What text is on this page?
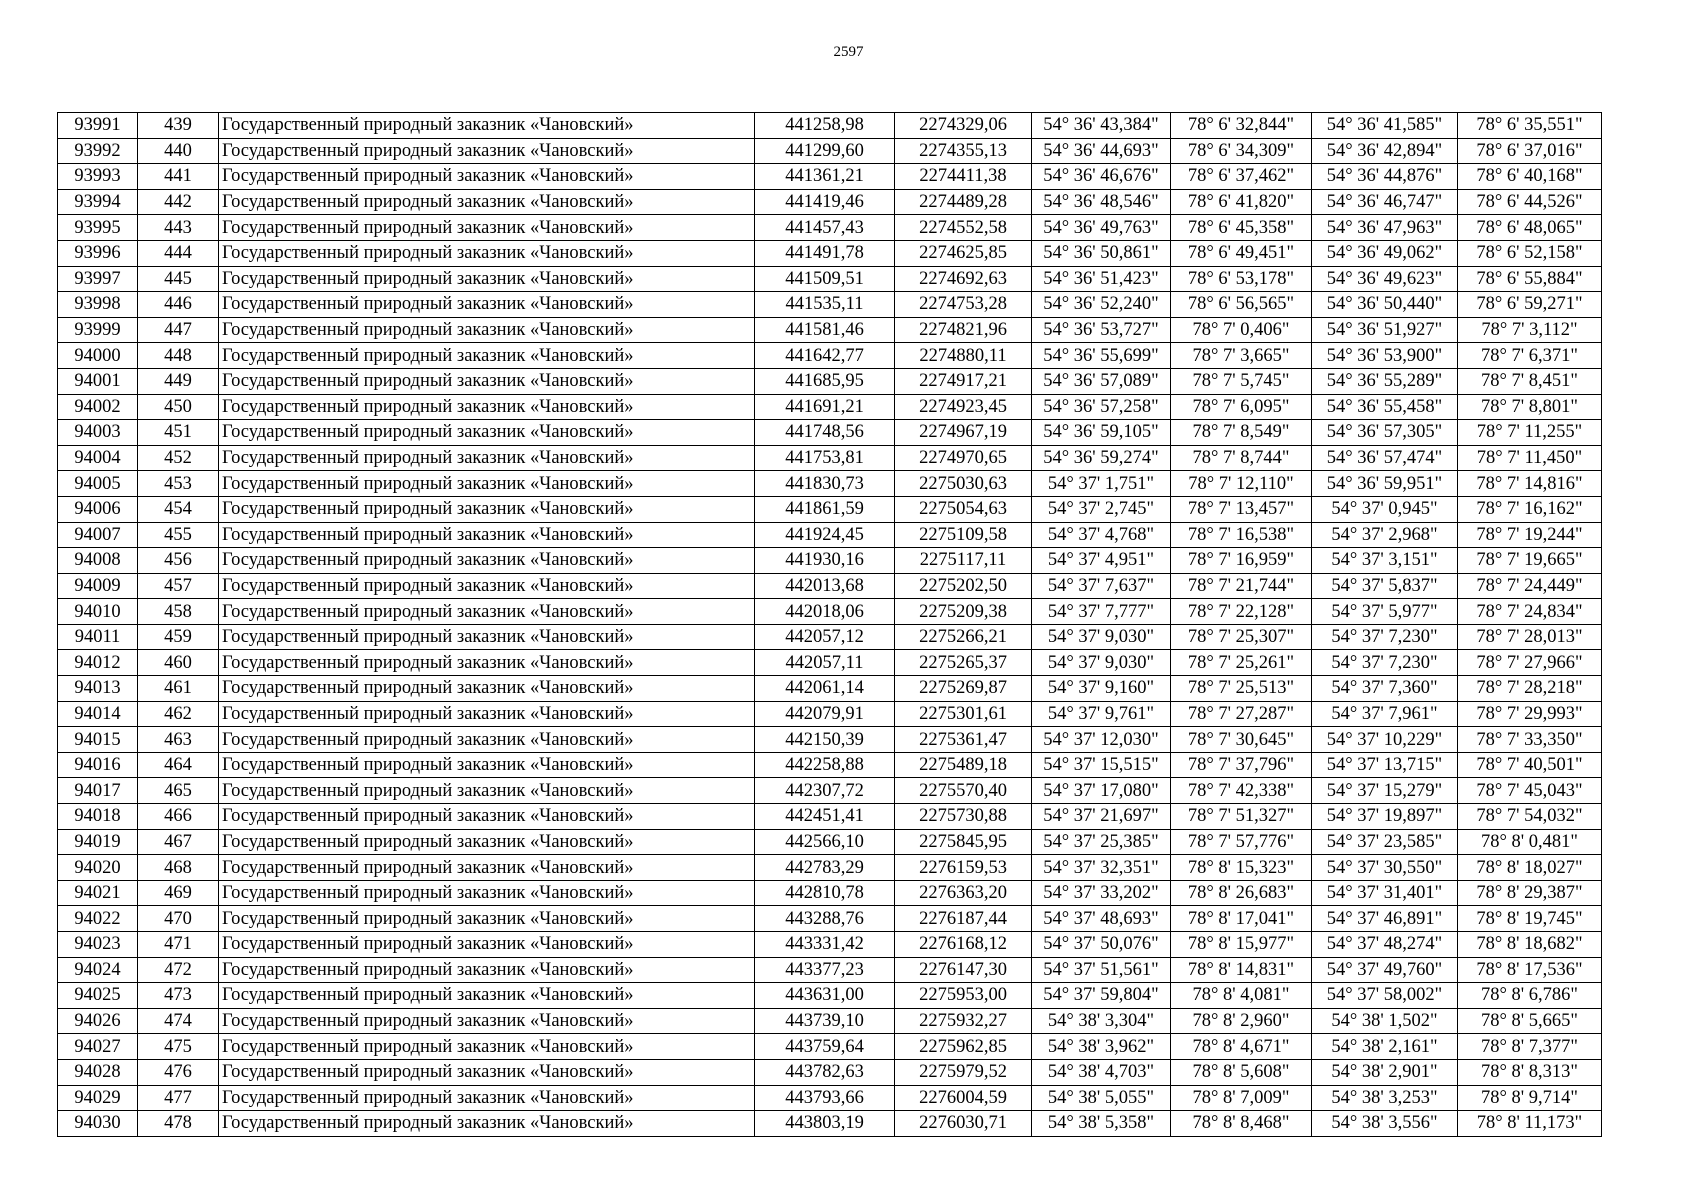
2597
93991	439	Государственный природный заказник «Чановский»	441258,98	2274329,06	54° 36' 43,384"	78° 6' 32,844"	54° 36' 41,585"	78° 6' 35,551"
93992	440	Государственный природный заказник «Чановский»	441299,60	2274355,13	54° 36' 44,693"	78° 6' 34,309"	54° 36' 42,894"	78° 6' 37,016"
93993	441	Государственный природный заказник «Чановский»	441361,21	2274411,38	54° 36' 46,676"	78° 6' 37,462"	54° 36' 44,876"	78° 6' 40,168"
93994	442	Государственный природный заказник «Чановский»	441419,46	2274489,28	54° 36' 48,546"	78° 6' 41,820"	54° 36' 46,747"	78° 6' 44,526"
93995	443	Государственный природный заказник «Чановский»	441457,43	2274552,58	54° 36' 49,763"	78° 6' 45,358"	54° 36' 47,963"	78° 6' 48,065"
93996	444	Государственный природный заказник «Чановский»	441491,78	2274625,85	54° 36' 50,861"	78° 6' 49,451"	54° 36' 49,062"	78° 6' 52,158"
93997	445	Государственный природный заказник «Чановский»	441509,51	2274692,63	54° 36' 51,423"	78° 6' 53,178"	54° 36' 49,623"	78° 6' 55,884"
93998	446	Государственный природный заказник «Чановский»	441535,11	2274753,28	54° 36' 52,240"	78° 6' 56,565"	54° 36' 50,440"	78° 6' 59,271"
93999	447	Государственный природный заказник «Чановский»	441581,46	2274821,96	54° 36' 53,727"	78° 7' 0,406"	54° 36' 51,927"	78° 7' 3,112"
94000	448	Государственный природный заказник «Чановский»	441642,77	2274880,11	54° 36' 55,699"	78° 7' 3,665"	54° 36' 53,900"	78° 7' 6,371"
94001	449	Государственный природный заказник «Чановский»	441685,95	2274917,21	54° 36' 57,089"	78° 7' 5,745"	54° 36' 55,289"	78° 7' 8,451"
94002	450	Государственный природный заказник «Чановский»	441691,21	2274923,45	54° 36' 57,258"	78° 7' 6,095"	54° 36' 55,458"	78° 7' 8,801"
94003	451	Государственный природный заказник «Чановский»	441748,56	2274967,19	54° 36' 59,105"	78° 7' 8,549"	54° 36' 57,305"	78° 7' 11,255"
94004	452	Государственный природный заказник «Чановский»	441753,81	2274970,65	54° 36' 59,274"	78° 7' 8,744"	54° 36' 57,474"	78° 7' 11,450"
94005	453	Государственный природный заказник «Чановский»	441830,73	2275030,63	54° 37' 1,751"	78° 7' 12,110"	54° 36' 59,951"	78° 7' 14,816"
94006	454	Государственный природный заказник «Чановский»	441861,59	2275054,63	54° 37' 2,745"	78° 7' 13,457"	54° 37' 0,945"	78° 7' 16,162"
94007	455	Государственный природный заказник «Чановский»	441924,45	2275109,58	54° 37' 4,768"	78° 7' 16,538"	54° 37' 2,968"	78° 7' 19,244"
94008	456	Государственный природный заказник «Чановский»	441930,16	2275117,11	54° 37' 4,951"	78° 7' 16,959"	54° 37' 3,151"	78° 7' 19,665"
94009	457	Государственный природный заказник «Чановский»	442013,68	2275202,50	54° 37' 7,637"	78° 7' 21,744"	54° 37' 5,837"	78° 7' 24,449"
94010	458	Государственный природный заказник «Чановский»	442018,06	2275209,38	54° 37' 7,777"	78° 7' 22,128"	54° 37' 5,977"	78° 7' 24,834"
94011	459	Государственный природный заказник «Чановский»	442057,12	2275266,21	54° 37' 9,030"	78° 7' 25,307"	54° 37' 7,230"	78° 7' 28,013"
94012	460	Государственный природный заказник «Чановский»	442057,11	2275265,37	54° 37' 9,030"	78° 7' 25,261"	54° 37' 7,230"	78° 7' 27,966"
94013	461	Государственный природный заказник «Чановский»	442061,14	2275269,87	54° 37' 9,160"	78° 7' 25,513"	54° 37' 7,360"	78° 7' 28,218"
94014	462	Государственный природный заказник «Чановский»	442079,91	2275301,61	54° 37' 9,761"	78° 7' 27,287"	54° 37' 7,961"	78° 7' 29,993"
94015	463	Государственный природный заказник «Чановский»	442150,39	2275361,47	54° 37' 12,030"	78° 7' 30,645"	54° 37' 10,229"	78° 7' 33,350"
94016	464	Государственный природный заказник «Чановский»	442258,88	2275489,18	54° 37' 15,515"	78° 7' 37,796"	54° 37' 13,715"	78° 7' 40,501"
94017	465	Государственный природный заказник «Чановский»	442307,72	2275570,40	54° 37' 17,080"	78° 7' 42,338"	54° 37' 15,279"	78° 7' 45,043"
94018	466	Государственный природный заказник «Чановский»	442451,41	2275730,88	54° 37' 21,697"	78° 7' 51,327"	54° 37' 19,897"	78° 7' 54,032"
94019	467	Государственный природный заказник «Чановский»	442566,10	2275845,95	54° 37' 25,385"	78° 7' 57,776"	54° 37' 23,585"	78° 8' 0,481"
94020	468	Государственный природный заказник «Чановский»	442783,29	2276159,53	54° 37' 32,351"	78° 8' 15,323"	54° 37' 30,550"	78° 8' 18,027"
94021	469	Государственный природный заказник «Чановский»	442810,78	2276363,20	54° 37' 33,202"	78° 8' 26,683"	54° 37' 31,401"	78° 8' 29,387"
94022	470	Государственный природный заказник «Чановский»	443288,76	2276187,44	54° 37' 48,693"	78° 8' 17,041"	54° 37' 46,891"	78° 8' 19,745"
94023	471	Государственный природный заказник «Чановский»	443331,42	2276168,12	54° 37' 50,076"	78° 8' 15,977"	54° 37' 48,274"	78° 8' 18,682"
94024	472	Государственный природный заказник «Чановский»	443377,23	2276147,30	54° 37' 51,561"	78° 8' 14,831"	54° 37' 49,760"	78° 8' 17,536"
94025	473	Государственный природный заказник «Чановский»	443631,00	2275953,00	54° 37' 59,804"	78° 8' 4,081"	54° 37' 58,002"	78° 8' 6,786"
94026	474	Государственный природный заказник «Чановский»	443739,10	2275932,27	54° 38' 3,304"	78° 8' 2,960"	54° 38' 1,502"	78° 8' 5,665"
94027	475	Государственный природный заказник «Чановский»	443759,64	2275962,85	54° 38' 3,962"	78° 8' 4,671"	54° 38' 2,161"	78° 8' 7,377"
94028	476	Государственный природный заказник «Чановский»	443782,63	2275979,52	54° 38' 4,703"	78° 8' 5,608"	54° 38' 2,901"	78° 8' 8,313"
94029	477	Государственный природный заказник «Чановский»	443793,66	2276004,59	54° 38' 5,055"	78° 8' 7,009"	54° 38' 3,253"	78° 8' 9,714"
94030	478	Государственный природный заказник «Чановский»	443803,19	2276030,71	54° 38' 5,358"	78° 8' 8,468"	54° 38' 3,556"	78° 8' 11,173"
